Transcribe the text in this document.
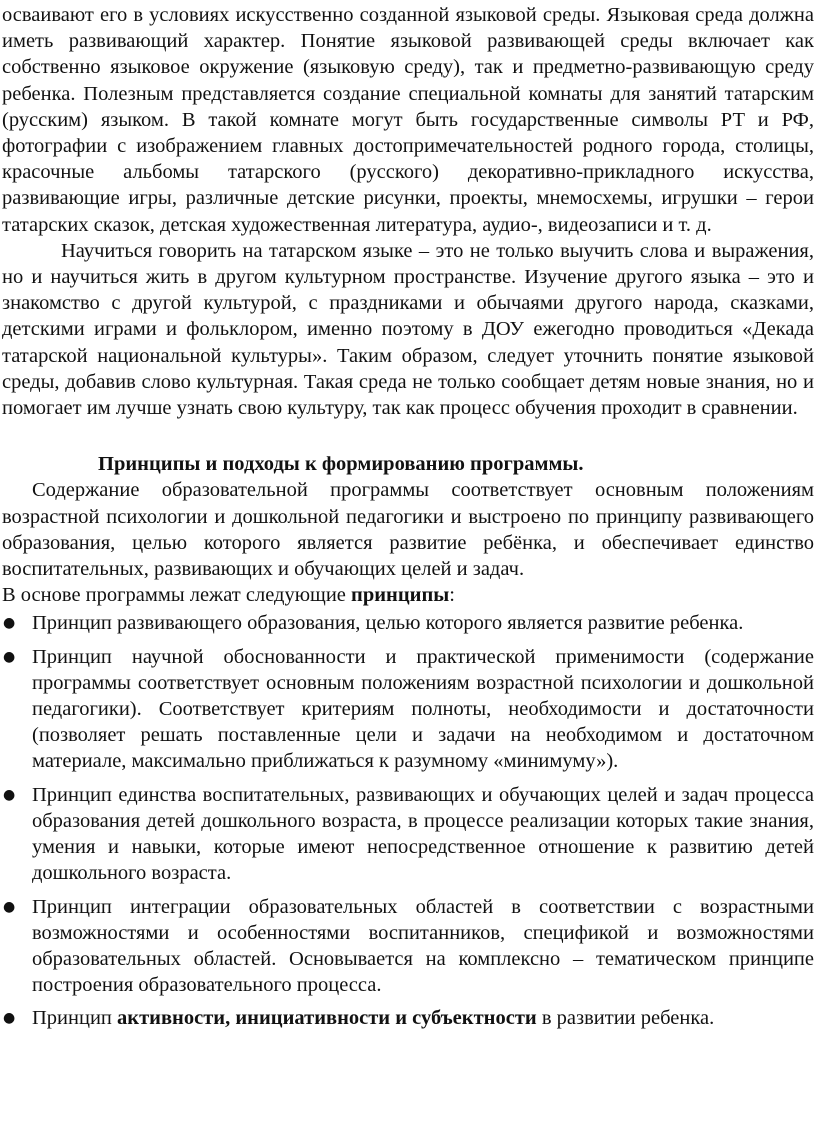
осваивают его в условиях искусственно созданной языковой среды. Языковая среда должна иметь развивающий характер. Понятие языковой развивающей среды включает как собственно языковое окружение (языковую среду), так и предметно-развивающую среду ребенка. Полезным представляется создание специальной комнаты для занятий татарским (русским) языком. В такой комнате могут быть государственные символы РТ и РФ, фотографии с изображением главных достопримечательностей родного города, столицы, красочные альбомы татарского (русского) декоративно-прикладного искусства, развивающие игры, различные детские рисунки, проекты, мнемосхемы, игрушки – герои татарских сказок, детская художественная литература, аудио-, видеозаписи и т. д.

Научиться говорить на татарском языке – это не только выучить слова и выражения, но и научиться жить в другом культурном пространстве. Изучение другого языка – это и знакомство с другой культурой, с праздниками и обычаями другого народа, сказками, детскими играми и фольклором, именно поэтому в ДОУ ежегодно проводиться «Декада татарской национальной культуры». Таким образом, следует уточнить понятие языковой среды, добавив слово культурная. Такая среда не только сообщает детям новые знания, но и помогает им лучше узнать свою культуру, так как процесс обучения проходит в сравнении.

Принципы и подходы к формированию программы.

Содержание образовательной программы соответствует основным положениям возрастной психологии и дошкольной педагогики и выстроено по принципу развивающего образования, целью которого является развитие ребёнка, и обеспечивает единство воспитательных, развивающих и обучающих целей и задач.

В основе программы лежат следующие принципы:

● Принцип развивающего образования, целью которого является развитие ребенка.
● Принцип научной обоснованности и практической применимости (содержание программы соответствует основным положениям возрастной психологии и дошкольной педагогики). Соответствует критериям полноты, необходимости и достаточности (позволяет решать поставленные цели и задачи на необходимом и достаточном материале, максимально приближаться к разумному «минимуму»).
● Принцип единства воспитательных, развивающих и обучающих целей и задач процесса образования детей дошкольного возраста, в процессе реализации которых такие знания, умения и навыки, которые имеют непосредственное отношение к развитию детей дошкольного возраста.
● Принцип интеграции образовательных областей в соответствии с возрастными возможностями и особенностями воспитанников, спецификой и возможностями образовательных областей. Основывается на комплексно – тематическом принципе построения образовательного процесса.
● Принцип активности, инициативности и субъектности в развитии ребенка.
